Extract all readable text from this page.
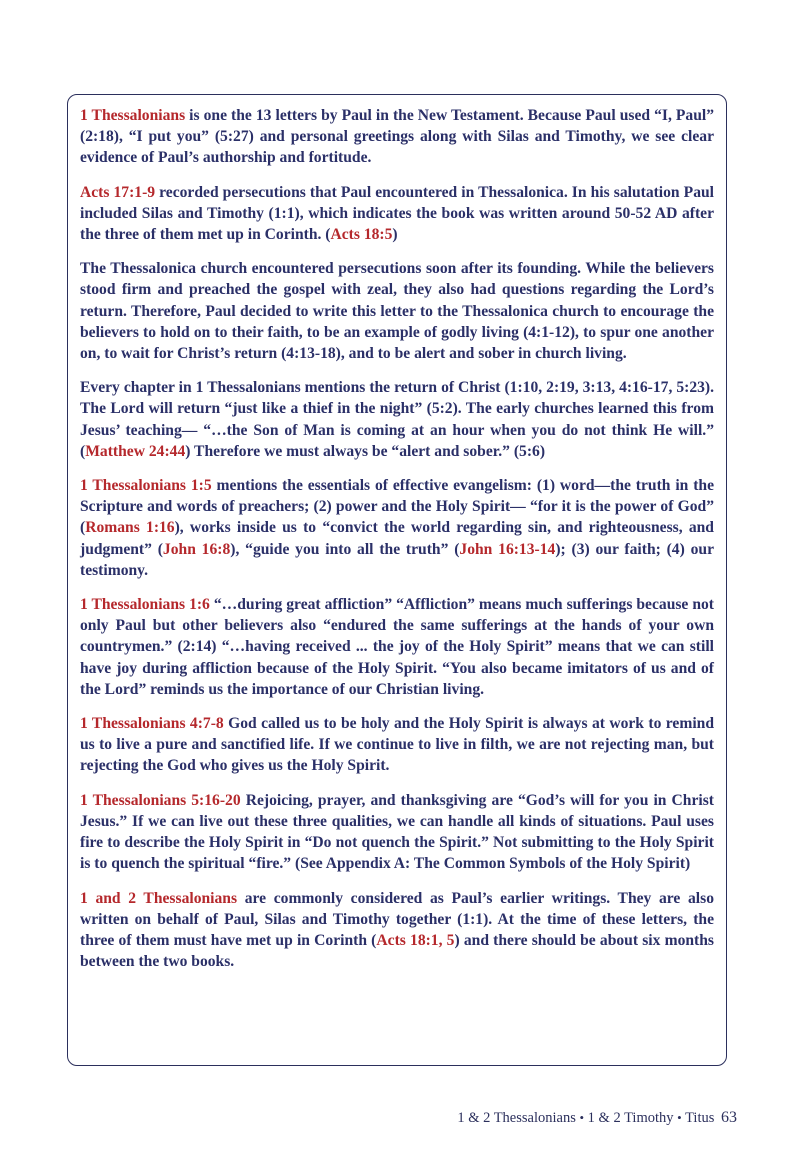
1 Thessalonians is one the 13 letters by Paul in the New Testament. Because Paul used “I, Paul” (2:18), “I put you” (5:27) and personal greetings along with Silas and Timothy, we see clear evidence of Paul’s authorship and fortitude.

Acts 17:1-9 recorded persecutions that Paul encountered in Thessalonica. In his salutation Paul included Silas and Timothy (1:1), which indicates the book was written around 50-52 AD after the three of them met up in Corinth. (Acts 18:5)

The Thessalonica church encountered persecutions soon after its founding. While the believers stood firm and preached the gospel with zeal, they also had questions regarding the Lord’s return. Therefore, Paul decided to write this letter to the Thessalonica church to encourage the believers to hold on to their faith, to be an example of godly living (4:1-12), to spur one another on, to wait for Christ’s return (4:13-18), and to be alert and sober in church living.

Every chapter in 1 Thessalonians mentions the return of Christ (1:10, 2:19, 3:13, 4:16-17, 5:23). The Lord will return “just like a thief in the night” (5:2). The early churches learned this from Jesus’ teaching— “…the Son of Man is coming at an hour when you do not think He will.” (Matthew 24:44) Therefore we must always be “alert and sober.” (5:6)

1 Thessalonians 1:5 mentions the essentials of effective evangelism: (1) word—the truth in the Scripture and words of preachers; (2) power and the Holy Spirit— “for it is the power of God” (Romans 1:16), works inside us to “convict the world regarding sin, and righteousness, and judgment” (John 16:8), “guide you into all the truth” (John 16:13-14); (3) our faith; (4) our testimony.

1 Thessalonians 1:6 “…during great affliction” “Affliction” means much sufferings because not only Paul but other believers also “endured the same sufferings at the hands of your own countrymen.” (2:14) “…having received ... the joy of the Holy Spirit” means that we can still have joy during affliction because of the Holy Spirit. “You also became imitators of us and of the Lord” reminds us the importance of our Christian living.

1 Thessalonians 4:7-8 God called us to be holy and the Holy Spirit is always at work to remind us to live a pure and sanctified life. If we continue to live in filth, we are not rejecting man, but rejecting the God who gives us the Holy Spirit.

1 Thessalonians 5:16-20 Rejoicing, prayer, and thanksgiving are “God’s will for you in Christ Jesus.” If we can live out these three qualities, we can handle all kinds of situations. Paul uses fire to describe the Holy Spirit in “Do not quench the Spirit.” Not submitting to the Holy Spirit is to quench the spiritual “fire.” (See Appendix A: The Common Symbols of the Holy Spirit)

1 and 2 Thessalonians are commonly considered as Paul’s earlier writings. They are also written on behalf of Paul, Silas and Timothy together (1:1). At the time of these letters, the three of them must have met up in Corinth (Acts 18:1, 5) and there should be about six months between the two books.

1 & 2 Thessalonians • 1 & 2 Timothy • Titus 63
